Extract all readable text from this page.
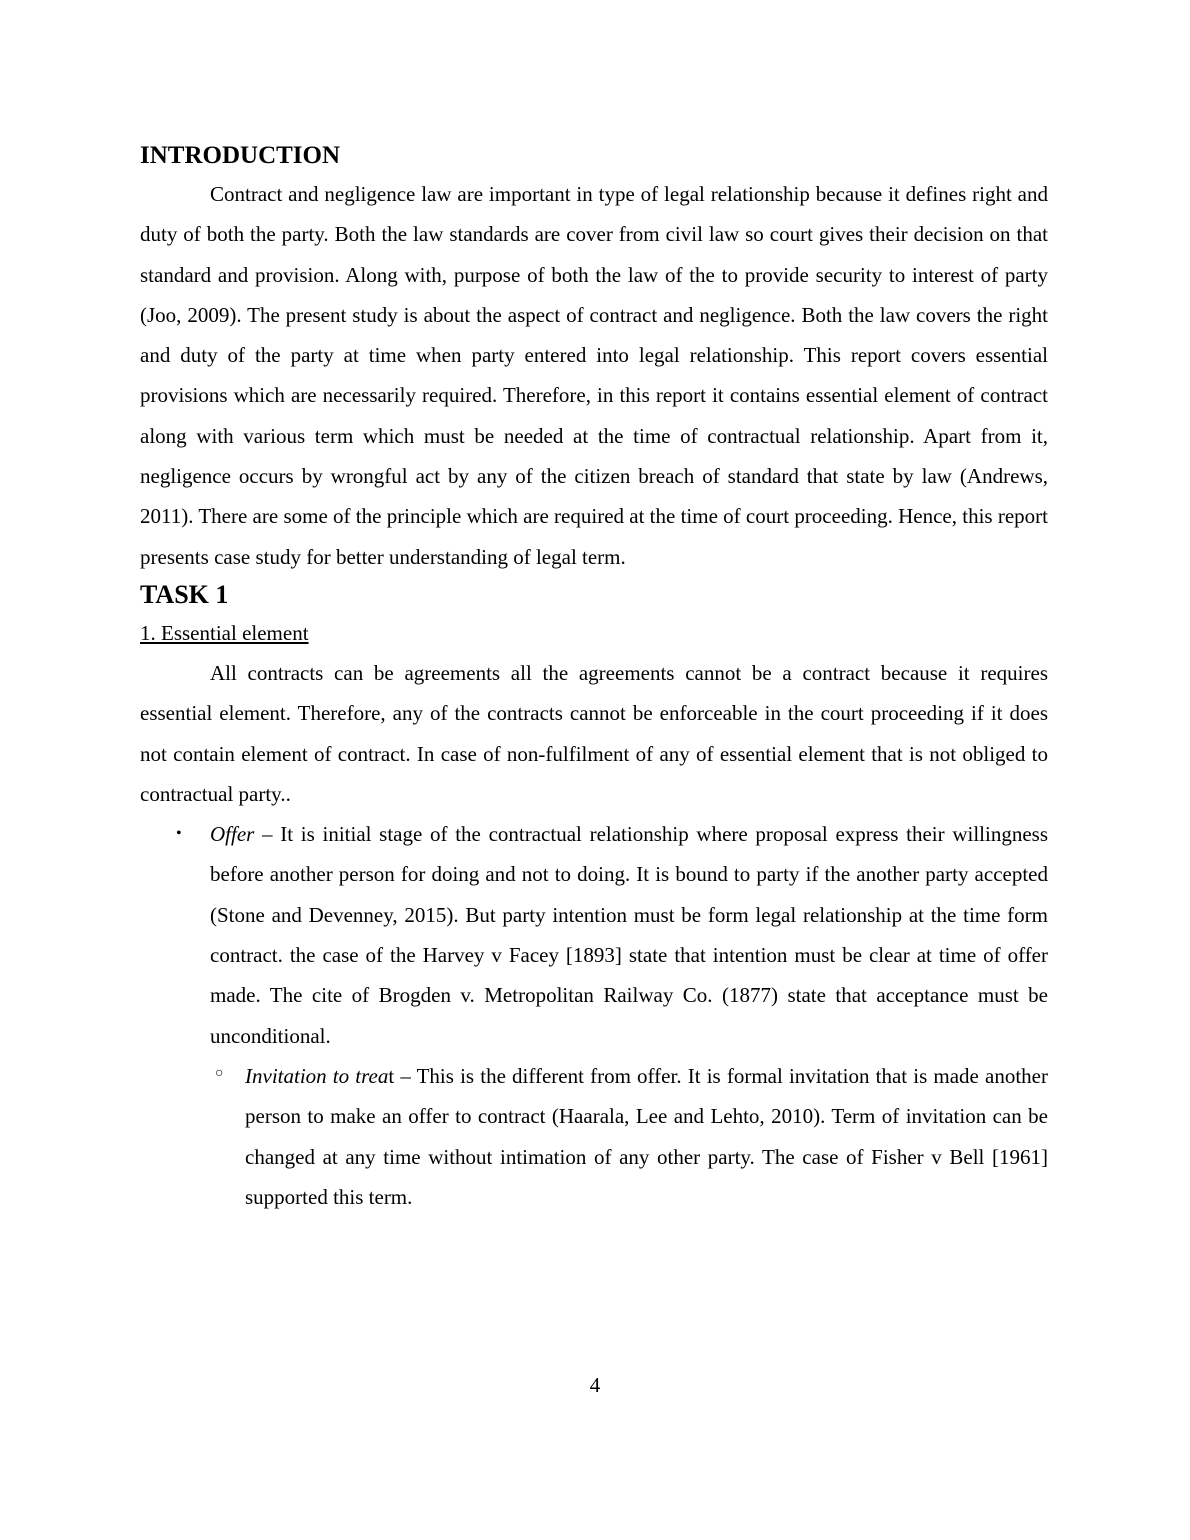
INTRODUCTION

Contract and negligence law are important in type of legal relationship because it defines right and duty of both the party. Both the law standards are cover from civil law so court gives their decision on that standard and provision. Along with, purpose of both the law of the to provide security to interest of party (Joo, 2009). The present study is about the aspect of contract and negligence. Both the law covers the right and duty of the party at time when party entered into legal relationship. This report covers essential provisions which are necessarily required. Therefore, in this report it contains essential element of contract along with various term which must be needed at the time of contractual relationship. Apart from it, negligence occurs by wrongful act by any of the citizen breach of standard that state by law (Andrews, 2011). There are some of the principle which are required at the time of court proceeding. Hence, this report presents case study for better understanding of legal term.

TASK 1

1. Essential element

All contracts can be agreements all the agreements cannot be a contract because it requires essential element. Therefore, any of the contracts cannot be enforceable in the court proceeding if it does not contain element of contract. In case of non-fulfilment of any of essential element that is not obliged to contractual party..

• Offer – It is initial stage of the contractual relationship where proposal express their willingness before another person for doing and not to doing. It is bound to party if the another party accepted (Stone and Devenney, 2015). But party intention must be form legal relationship at the time form contract. the case of the Harvey v Facey [1893] state that intention must be clear at time of offer made. The cite of Brogden v. Metropolitan Railway Co. (1877) state that acceptance must be unconditional.
○ Invitation to treat – This is the different from offer. It is formal invitation that is made another person to make an offer to contract (Haarala, Lee and Lehto, 2010). Term of invitation can be changed at any time without intimation of any other party. The case of Fisher v Bell [1961] supported this term.
4
